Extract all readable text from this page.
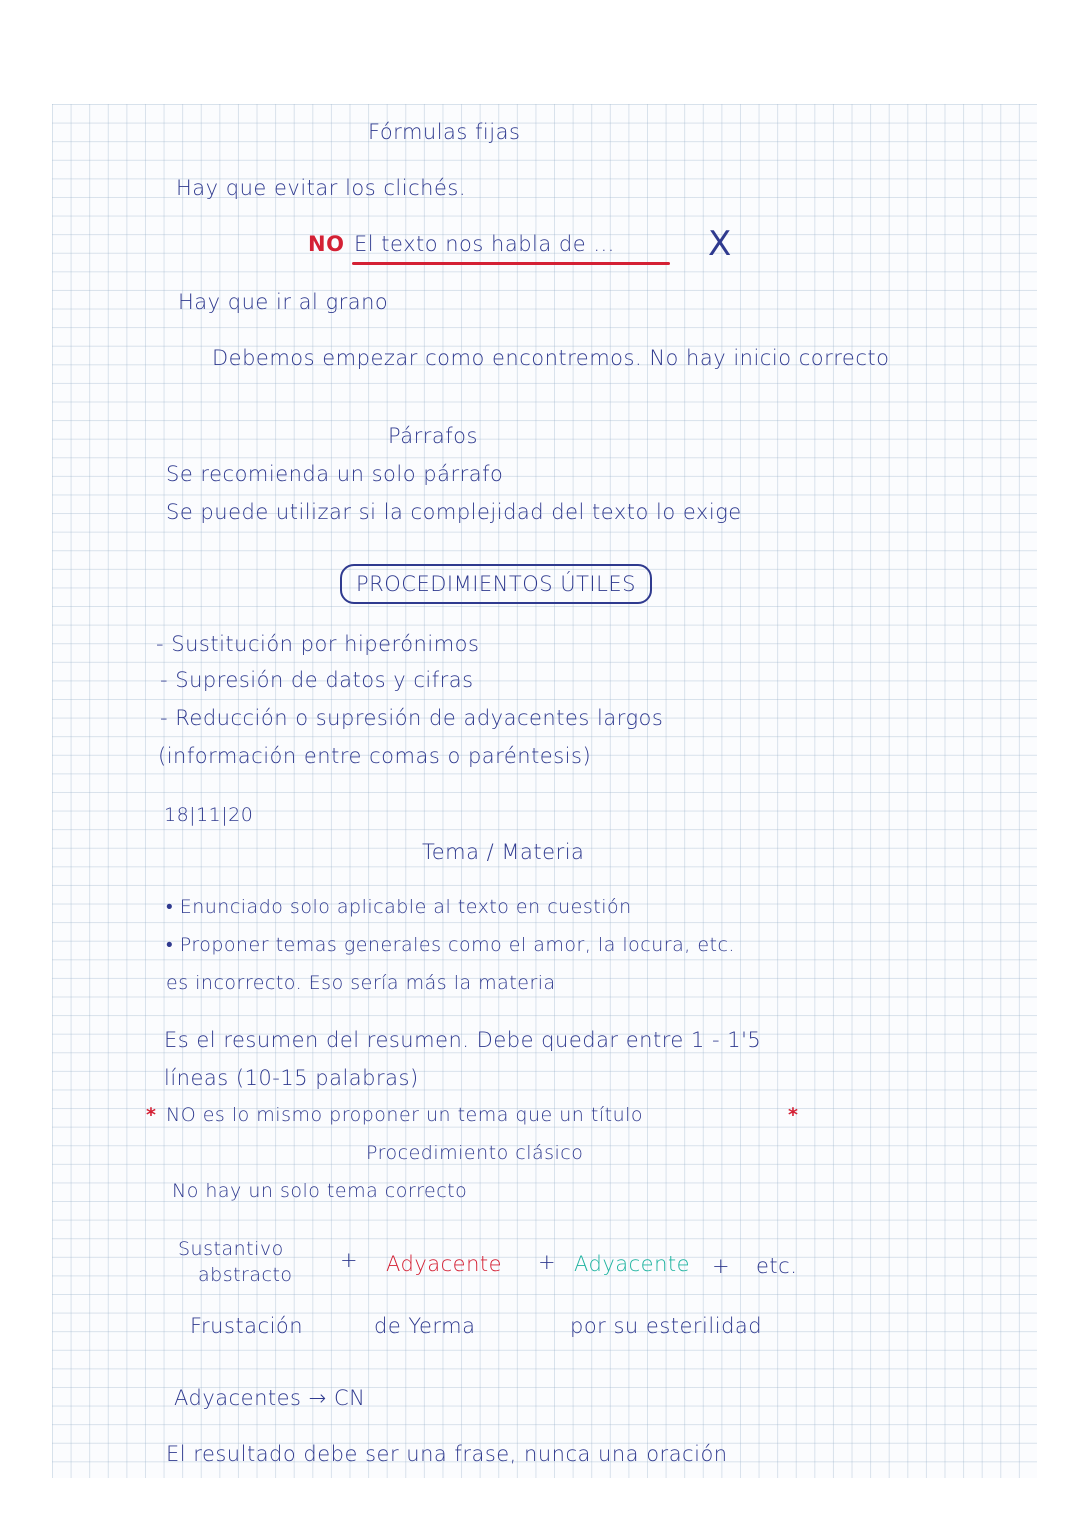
Fórmulas fijas

Hay que evitar los clichés.

NO El texto nos habla de ...	X

Hay que ir al grano

Debemos empezar como encontremos. No hay inicio correcto

Párrafos

Se recomienda un solo párrafo

Se puede utilizar si la complejidad del texto lo exige

PROCEDIMIENTOS ÚTILES

- Sustitución por hiperónimos

- Supresión de datos y cifras

- Reducción o supresión de adyacentes largos

(información entre comas o paréntesis)

18|11|20

Tema / Materia

• Enunciado solo aplicable al texto en cuestión

• Proponer temas generales como el amor, la locura, etc.

es incorrecto. Eso sería más la materia

Es el resumen del resumen. Debe quedar entre 1 - 1'5

líneas (10-15 palabras)

* NO es lo mismo proponer un tema que un título	*

Procedimiento clásico

No hay un solo tema correcto

Sustantivo

abstracto

+ Adyacente + Adyacente + etc.

Frustación	de Yerma	por su esterilidad

Adyacentes → CN

El resultado debe ser una frase, nunca una oración
